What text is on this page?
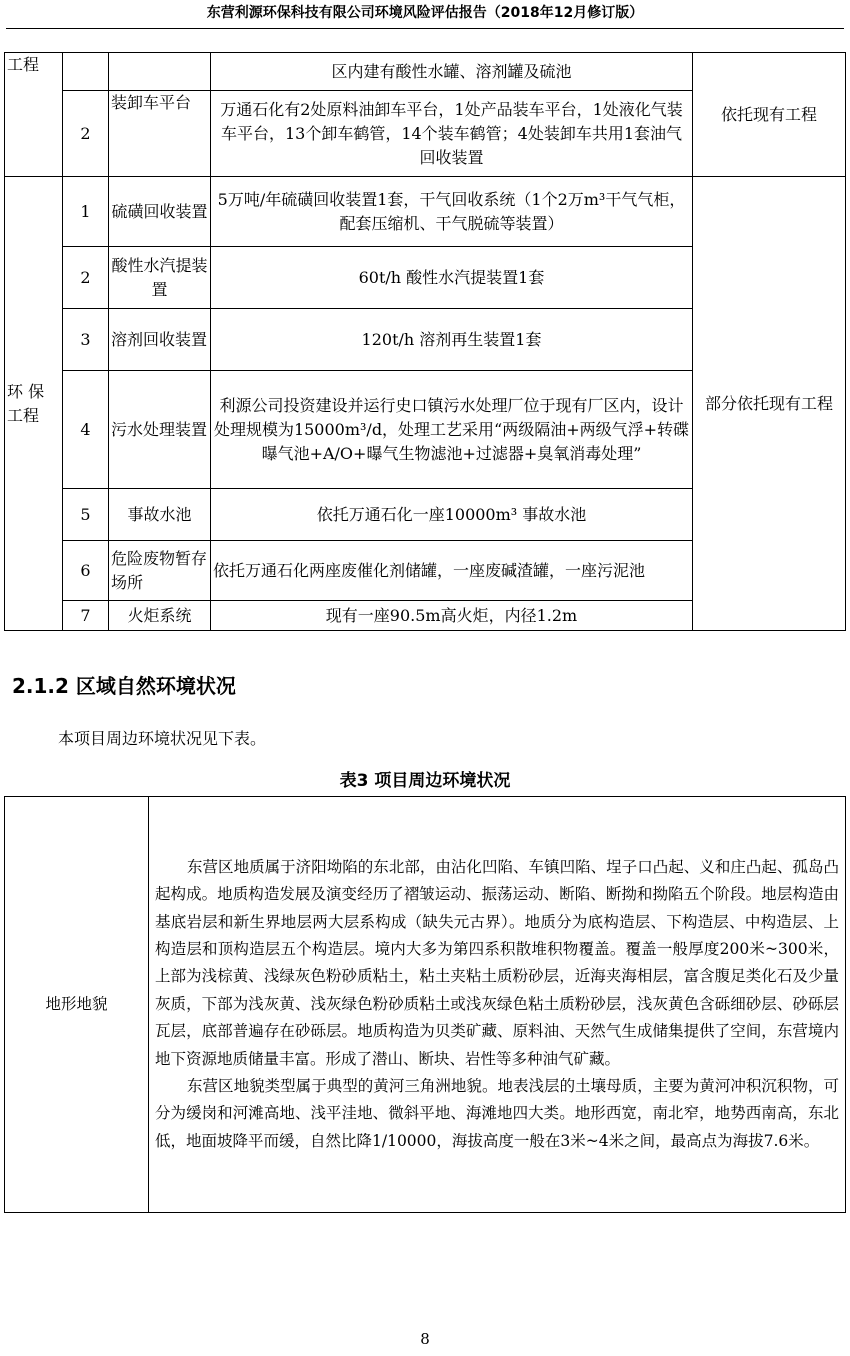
东营利源环保科技有限公司环境风险评估报告（2018年12月修订版）
工程			区内建有酸性水罐、溶剂罐及硫池	依托现有工程
	2	装卸车平台	万通石化有2处原料油卸车平台，1处产品装车平台，1处液化气装车平台，13个卸车鹤管，14个装车鹤管；4处装卸车共用1套油气回收装置	
环 保
工程	1	硫磺回收装置	5万吨/年硫磺回收装置1套，干气回收系统（1个2万m³干气气柜，配套压缩机、干气脱硫等装置）	部分依托现有工程
	2	酸性水汽提装置	60t/h 酸性水汽提装置1套	
	3	溶剂回收装置	120t/h 溶剂再生装置1套	
	4	污水处理装置	利源公司投资建设并运行史口镇污水处理厂位于现有厂区内，设计处理规模为15000m³/d，处理工艺采用“两级隔油+两级气浮+转碟曝气池+A/O+曝气生物滤池+过滤器+臭氧消毒处理”	
	5	事故水池	依托万通石化一座10000m³ 事故水池	
	6	危险废物暂存场所	依托万通石化两座废催化剂储罐，一座废碱渣罐，一座污泥池	
	7	火炬系统	现有一座90.5m高火炬，内径1.2m	
2.1.2 区域自然环境状况
本项目周边环境状况见下表。
表3 项目周边环境状况
地形地貌	

东营区地质属于济阳坳陷的东北部，由沾化凹陷、车镇凹陷、埕子口凸起、义和庄凸起、孤岛凸起构成。地质构造发展及演变经历了褶皱运动、振荡运动、断陷、断拗和拗陷五个阶段。地层构造由基底岩层和新生界地层两大层系构成（缺失元古界）。地质分为底构造层、下构造层、中构造层、上构造层和顶构造层五个构造层。境内大多为第四系积散堆积物覆盖。覆盖一般厚度200米~300米，上部为浅棕黄、浅绿灰色粉砂质粘土，粘土夹粘土质粉砂层，近海夹海相层，富含腹足类化石及少量灰质，下部为浅灰黄、浅灰绿色粉砂质粘土或浅灰绿色粘土质粉砂层，浅灰黄色含砾细砂层、砂砾层瓦层，底部普遍存在砂砾层。地质构造为贝类矿藏、原料油、天然气生成储集提供了空间，东营境内地下资源地质储量丰富。形成了潜山、断块、岩性等多种油气矿藏。

东营区地貌类型属于典型的黄河三角洲地貌。地表浅层的土壤母质，主要为黄河冲积沉积物，可分为缓岗和河滩高地、浅平洼地、微斜平地、海滩地四大类。地形西宽，南北窄，地势西南高，东北低，地面坡降平而缓，自然比降1/10000，海拔高度一般在3米~4米之间，最高点为海拔7.6米。

8
